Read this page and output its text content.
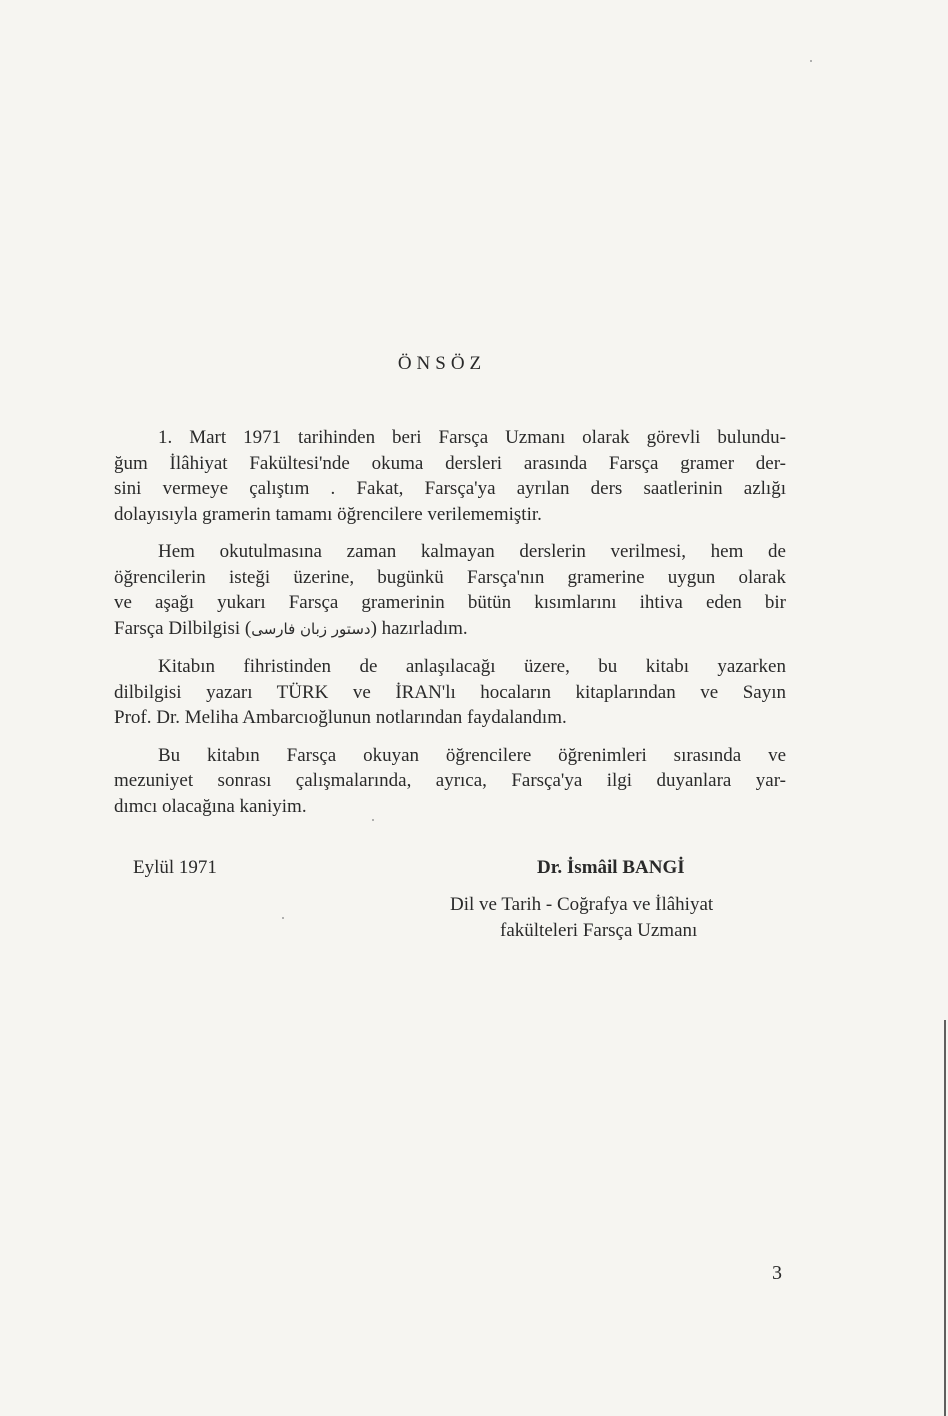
ÖNSÖZ
1. Mart 1971 tarihinden beri Farsça Uzmanı olarak görevli bulundu-
ğum İlâhiyat Fakültesi'nde okuma dersleri arasında Farsça gramer der-
sini vermeye çalıştım . Fakat, Farsça'ya ayrılan ders saatlerinin azlığı
dolayısıyla gramerin tamamı öğrencilere verilememiştir.
Hem okutulmasına zaman kalmayan derslerin verilmesi, hem de
öğrencilerin isteği üzerine, bugünkü Farsça'nın gramerine uygun olarak
ve aşağı yukarı Farsça gramerinin bütün kısımlarını ihtiva eden bir
Farsça Dilbilgisi (دستور زبان فارسی) hazırladım.
Kitabın fihristinden de anlaşılacağı üzere, bu kitabı yazarken
dilbilgisi yazarı TÜRK ve İRAN'lı hocaların kitaplarından ve Sayın
Prof. Dr. Meliha Ambarcıoğlunun notlarından faydalandım.
Bu kitabın Farsça okuyan öğrencilere öğrenimleri sırasında ve
mezuniyet sonrası çalışmalarında, ayrıca, Farsça'ya ilgi duyanlara yar-
dımcı olacağına kaniyim.
Eylül 1971	Dr. İsmâil BANGİ
Dil ve Tarih - Coğrafya ve İlâhiyat
fakülteleri Farsça Uzmanı
3
